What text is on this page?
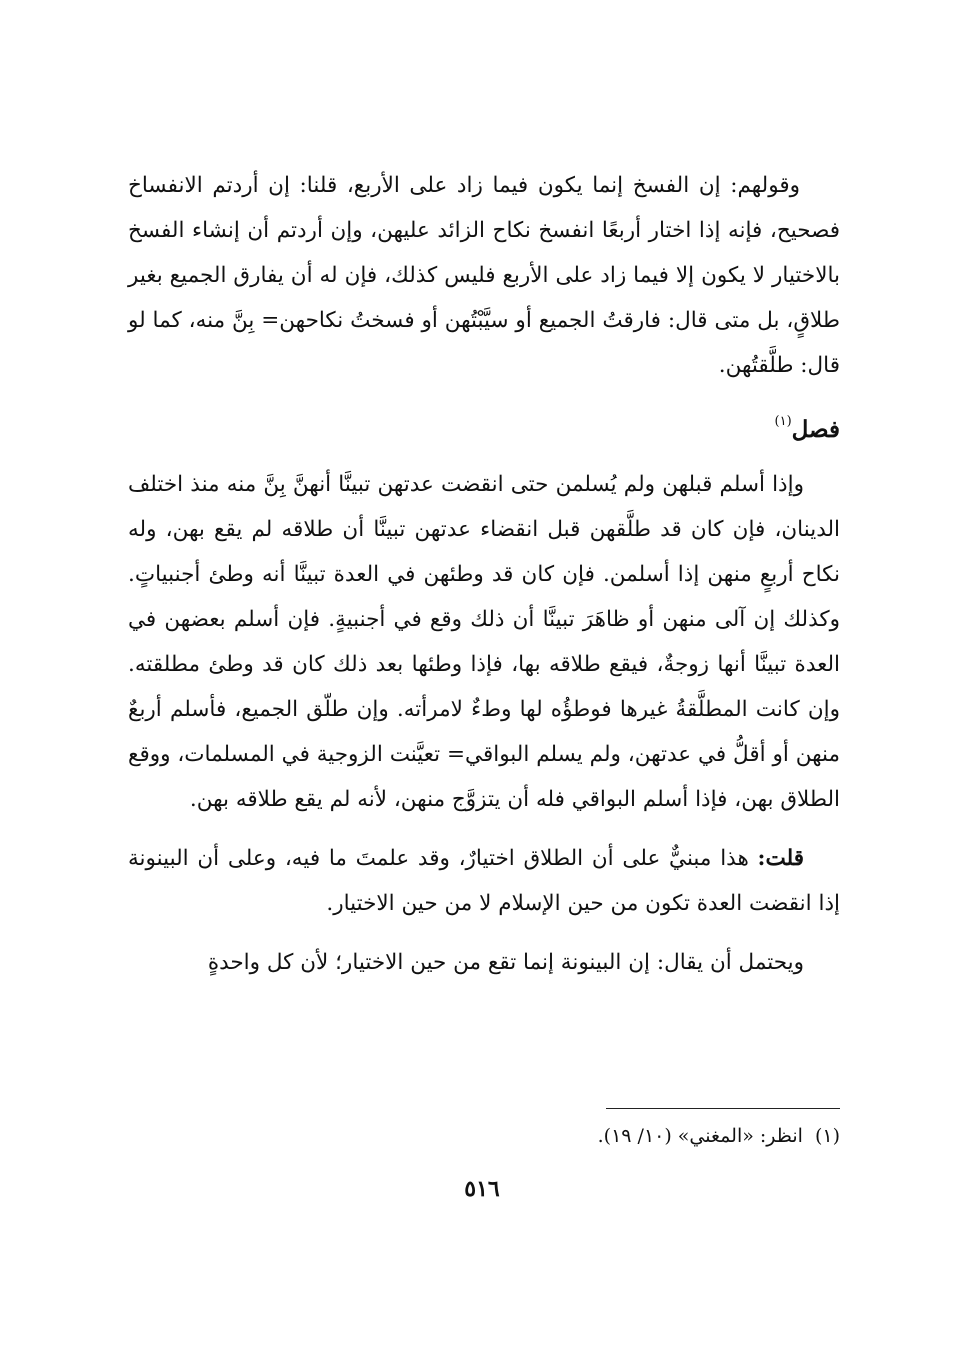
وقولهم: إن الفسخ إنما يكون فيما زاد على الأربع، قلنا: إن أردتم الانفساخ فصحيح، فإنه إذا اختار أربعًا انفسخ نكاح الزائد عليهن، وإن أردتم أن إنشاء الفسخ بالاختيار لا يكون إلا فيما زاد على الأربع فليس كذلك، فإن له أن يفارق الجميع بغير طلاقٍ، بل متى قال: فارقتُ الجميع أو سيَّبْتُهن أو فسختُ نكاحهن= بِنَّ منه، كما لو قال: طلَّقتُهن.

فصل$^{(١)}$

وإذا أسلم قبلهن ولم يُسلمن حتى انقضت عدتهن تبينَّا أنهنَّ بِنَّ منه منذ اختلف الدينان، فإن كان قد طلَّقهن قبل انقضاء عدتهن تبينَّا أن طلاقه لم يقع بهن، وله نكاح أربعٍ منهن إذا أسلمن. فإن كان قد وطئهن في العدة تبينَّا أنه وطئ أجنبياتٍ. وكذلك إن آلى منهن أو ظاهَرَ تبينَّا أن ذلك وقع في أجنبيةٍ. فإن أسلم بعضهن في العدة تبينَّا أنها زوجةٌ، فيقع طلاقه بها، فإذا وطئها بعد ذلك كان قد وطئ مطلقته. وإن كانت المطلَّقةُ غيرها فوطؤُه لها وطءٌ لامرأته. وإن طلّق الجميع، فأسلم أربعٌ منهن أو أقلُّ في عدتهن، ولم يسلم البواقي= تعيَّنت الزوجية في المسلمات، ووقع الطلاق بهن، فإذا أسلم البواقي فله أن يتزوَّج منهن، لأنه لم يقع طلاقه بهن.

قلت: هذا مبنيٌّ على أن الطلاق اختيارٌ، وقد علمتَ ما فيه، وعلى أن البينونة إذا انقضت العدة تكون من حين الإسلام لا من حين الاختيار.

ويحتمل أن يقال: إن البينونة إنما تقع من حين الاختيار؛ لأن كل واحدةٍ

(١)انظر: «المغني» (١٠/ ١٩).
٥١٦
